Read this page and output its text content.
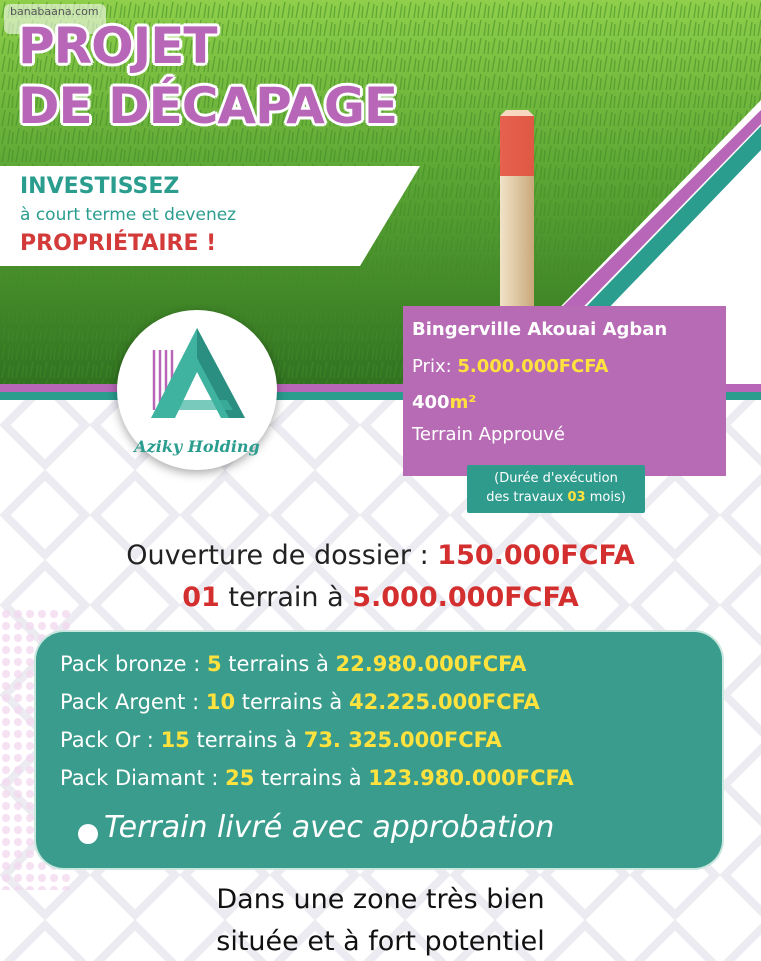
banabaana.com
PROJET
DE DÉCAPAGE
INVESTISSEZ
à court terme et devenez
PROPRIÉTAIRE !
Bingerville Akouai Agban
Prix: 5.000.000FCFA
400m²
Terrain Approuvé
(Durée d'exécution
des travaux 03 mois)
Aziky Holding
Ouverture de dossier : 150.000FCFA
01 terrain à 5.000.000FCFA
Pack bronze : 5 terrains à 22.980.000FCFA
Pack Argent : 10 terrains à 42.225.000FCFA
Pack Or : 15 terrains à 73. 325.000FCFA
Pack Diamant : 25 terrains à 123.980.000FCFA
Terrain livré avec approbation
Dans une zone très bien
située et à fort potentiel
